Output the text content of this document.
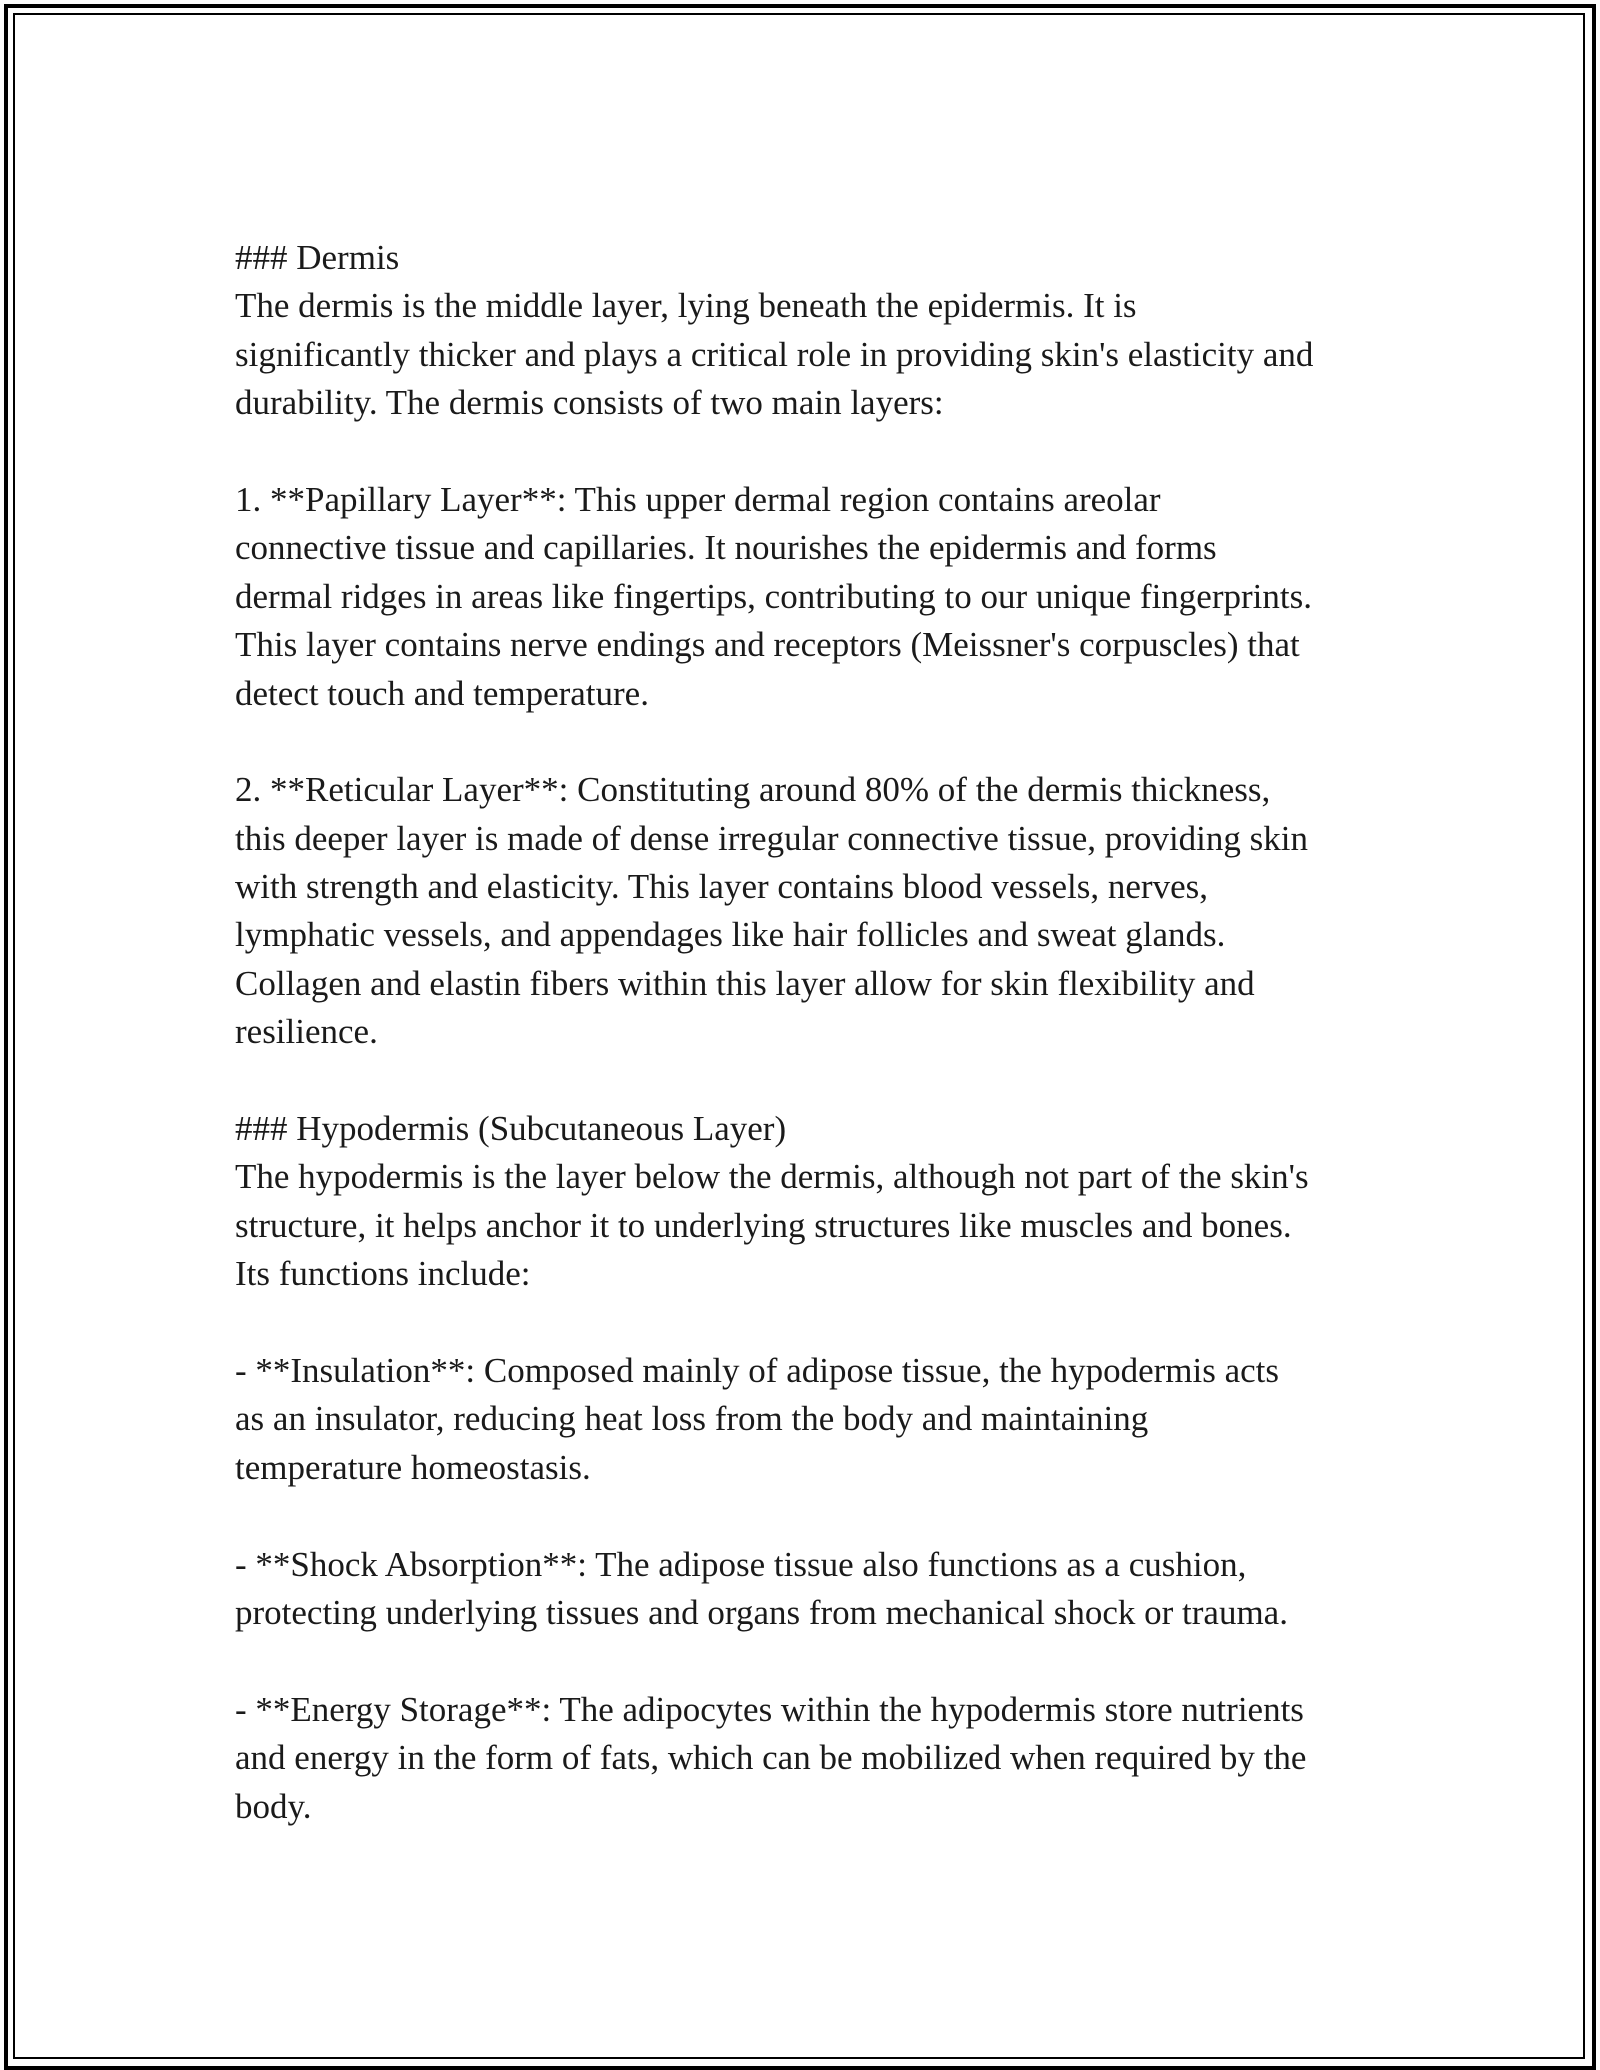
### Dermis
The dermis is the middle layer, lying beneath the epidermis. It is
significantly thicker and plays a critical role in providing skin's elasticity and
durability. The dermis consists of two main layers:
1. **Papillary Layer**: This upper dermal region contains areolar
connective tissue and capillaries. It nourishes the epidermis and forms
dermal ridges in areas like fingertips, contributing to our unique fingerprints.
This layer contains nerve endings and receptors (Meissner's corpuscles) that
detect touch and temperature.
2. **Reticular Layer**: Constituting around 80% of the dermis thickness,
this deeper layer is made of dense irregular connective tissue, providing skin
with strength and elasticity. This layer contains blood vessels, nerves,
lymphatic vessels, and appendages like hair follicles and sweat glands.
Collagen and elastin fibers within this layer allow for skin flexibility and
resilience.
### Hypodermis (Subcutaneous Layer)
The hypodermis is the layer below the dermis, although not part of the skin's
structure, it helps anchor it to underlying structures like muscles and bones.
Its functions include:
- **Insulation**: Composed mainly of adipose tissue, the hypodermis acts
as an insulator, reducing heat loss from the body and maintaining
temperature homeostasis.
- **Shock Absorption**: The adipose tissue also functions as a cushion,
protecting underlying tissues and organs from mechanical shock or trauma.
- **Energy Storage**: The adipocytes within the hypodermis store nutrients
and energy in the form of fats, which can be mobilized when required by the
body.
